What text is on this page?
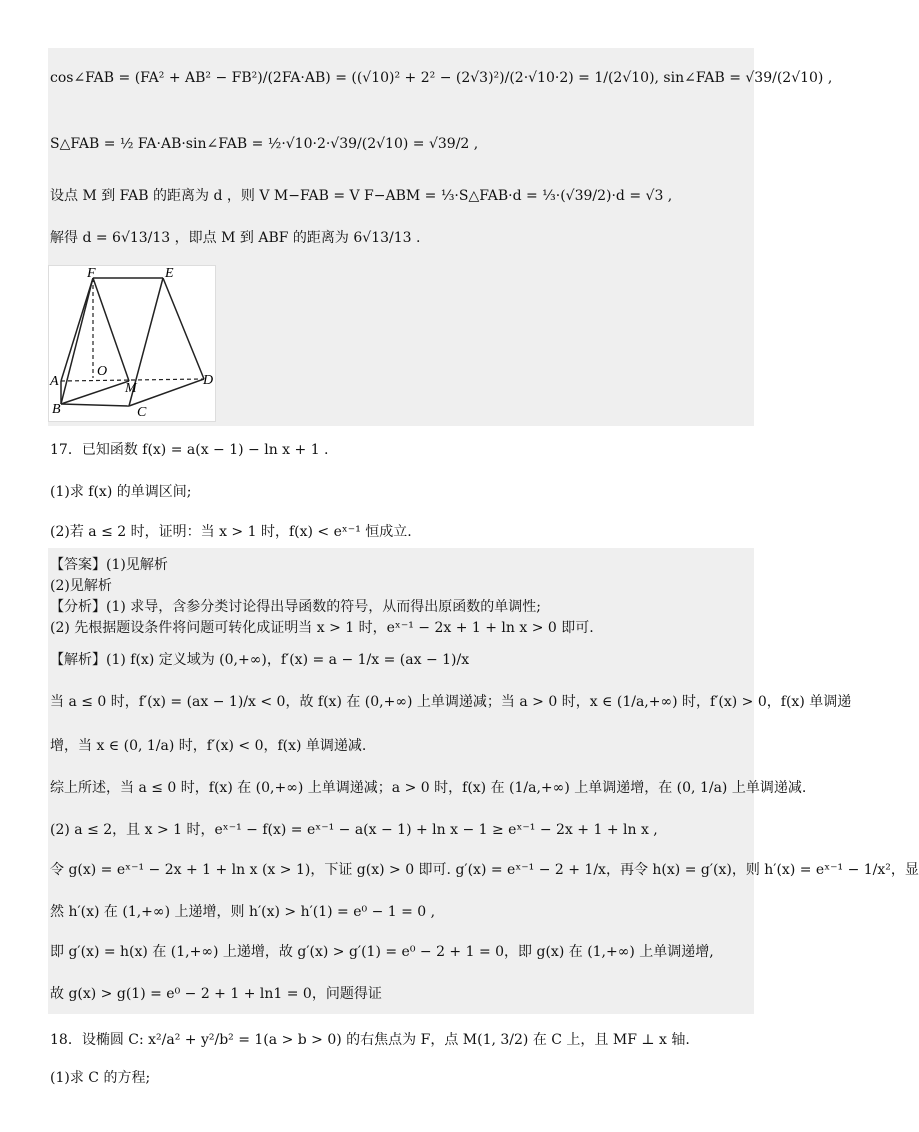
cos∠FAB = (FA² + AB² − FB²)/(2FA·AB) = ((√10)² + 2² − (2√3)²)/(2·√10·2) = 1/(2√10), sin∠FAB = √39/(2√10) ,
S△FAB = ½ FA·AB·sin∠FAB = ½·√10·2·√39/(2√10) = √39/2 ,
设点 M 到 FAB 的距离为 d ，则 V M−FAB = V F−ABM = ⅓·S△FAB·d = ⅓·(√39/2)·d = √3 ,
解得 d = 6√13/13 ，即点 M 到 ABF 的距离为 6√13/13 .
F	E
A
O
M
D
B	C
17．已知函数 f(x) = a(x − 1) − ln x + 1 .
(1)求 f(x) 的单调区间;
(2)若 a ≤ 2 时，证明：当 x > 1 时，f(x) < eˣ⁻¹ 恒成立.
【答案】(1)见解析
(2)见解析
【分析】(1) 求导，含参分类讨论得出导函数的符号，从而得出原函数的单调性;
(2) 先根据题设条件将问题可转化成证明当 x > 1 时，eˣ⁻¹ − 2x + 1 + ln x > 0 即可.
【解析】(1) f(x) 定义域为 (0,+∞)，f′(x) = a − 1/x = (ax − 1)/x
当 a ≤ 0 时，f′(x) = (ax − 1)/x < 0，故 f(x) 在 (0,+∞) 上单调递减；当 a > 0 时，x ∈ (1/a,+∞) 时，f′(x) > 0，f(x) 单调递
增，当 x ∈ (0, 1/a) 时，f′(x) < 0，f(x) 单调递减.
综上所述，当 a ≤ 0 时，f(x) 在 (0,+∞) 上单调递减；a > 0 时，f(x) 在 (1/a,+∞) 上单调递增，在 (0, 1/a) 上单调递减.
(2) a ≤ 2，且 x > 1 时，eˣ⁻¹ − f(x) = eˣ⁻¹ − a(x − 1) + ln x − 1 ≥ eˣ⁻¹ − 2x + 1 + ln x ,
令 g(x) = eˣ⁻¹ − 2x + 1 + ln x (x > 1)，下证 g(x) > 0 即可. g′(x) = eˣ⁻¹ − 2 + 1/x，再令 h(x) = g′(x)，则 h′(x) = eˣ⁻¹ − 1/x²，显
然 h′(x) 在 (1,+∞) 上递增，则 h′(x) > h′(1) = e⁰ − 1 = 0 ,
即 g′(x) = h(x) 在 (1,+∞) 上递增，故 g′(x) > g′(1) = e⁰ − 2 + 1 = 0，即 g(x) 在 (1,+∞) 上单调递增,
故 g(x) > g(1) = e⁰ − 2 + 1 + ln1 = 0，问题得证
18．设椭圆 C: x²/a² + y²/b² = 1(a > b > 0) 的右焦点为 F，点 M(1, 3/2) 在 C 上，且 MF ⊥ x 轴.
(1)求 C 的方程;
